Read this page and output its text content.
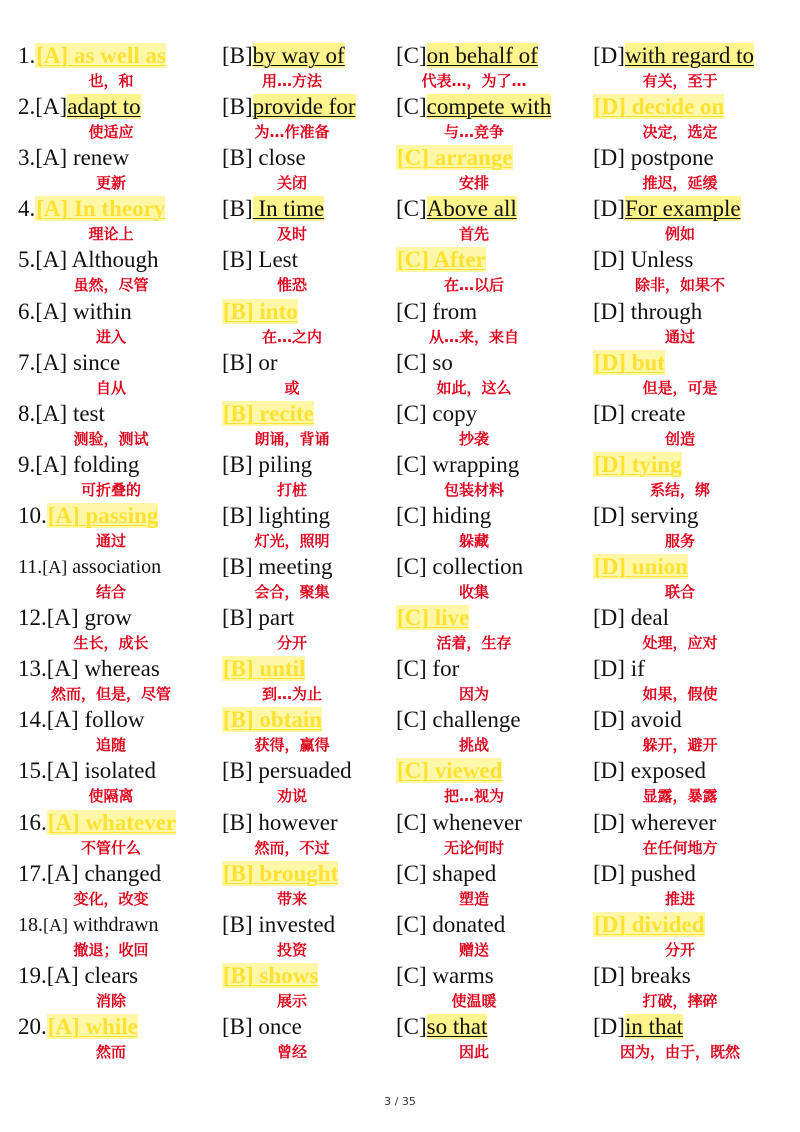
1.[A] as well as
也，和
[B]by way of
用…方法
[C]on behalf of
代表…，为了…
[D]with regard to
有关，至于
2.[A]adapt to
使适应
[B]provide for
为…作准备
[C]compete with
与…竞争
[D] decide on
决定，选定
3.[A] renew
更新
[B] close
关闭
[C] arrange
安排
[D] postpone
推迟，延缓
4.[A] In theory
理论上
[B] In time
及时
[C]Above all
首先
[D]For example
例如
5.[A] Although
虽然，尽管
[B] Lest
惟恐
[C] After
在…以后
[D] Unless
除非，如果不
6.[A] within
进入
[B] into
在…之内
[C] from
从…来，来自
[D] through
通过
7.[A] since
自从
[B] or
或
[C] so
如此，这么
[D] but
但是，可是
8.[A] test
测验，测试
[B] recite
朗诵，背诵
[C] copy
抄袭
[D] create
创造
9.[A] folding
可折叠的
[B] piling
打桩
[C] wrapping
包装材料
[D] tying
系结，绑
10.[A] passing
通过
[B] lighting
灯光，照明
[C] hiding
躲藏
[D] serving
服务
11.[A] association
结合
[B] meeting
会合，聚集
[C] collection
收集
[D] union
联合
12.[A] grow
生长，成长
[B] part
分开
[C] live
活着，生存
[D] deal
处理，应对
13.[A] whereas
然而，但是，尽管
[B] until
到…为止
[C] for
因为
[D] if
如果，假使
14.[A] follow
追随
[B] obtain
获得，赢得
[C] challenge
挑战
[D] avoid
躲开，避开
15.[A] isolated
使隔离
[B] persuaded
劝说
[C] viewed
把…视为
[D] exposed
显露，暴露
16.[A] whatever
不管什么
[B] however
然而，不过
[C] whenever
无论何时
[D] wherever
在任何地方
17.[A] changed
变化，改变
[B] brought
带来
[C] shaped
塑造
[D] pushed
推进
18.[A] withdrawn
撤退；收回
[B] invested
投资
[C] donated
赠送
[D] divided
分开
19.[A] clears
消除
[B] shows
展示
[C] warms
使温暖
[D] breaks
打破，摔碎
20.[A] while
然而
[B] once
曾经
[C]so that
因此
[D]in that
因为，由于，既然
3 / 35
